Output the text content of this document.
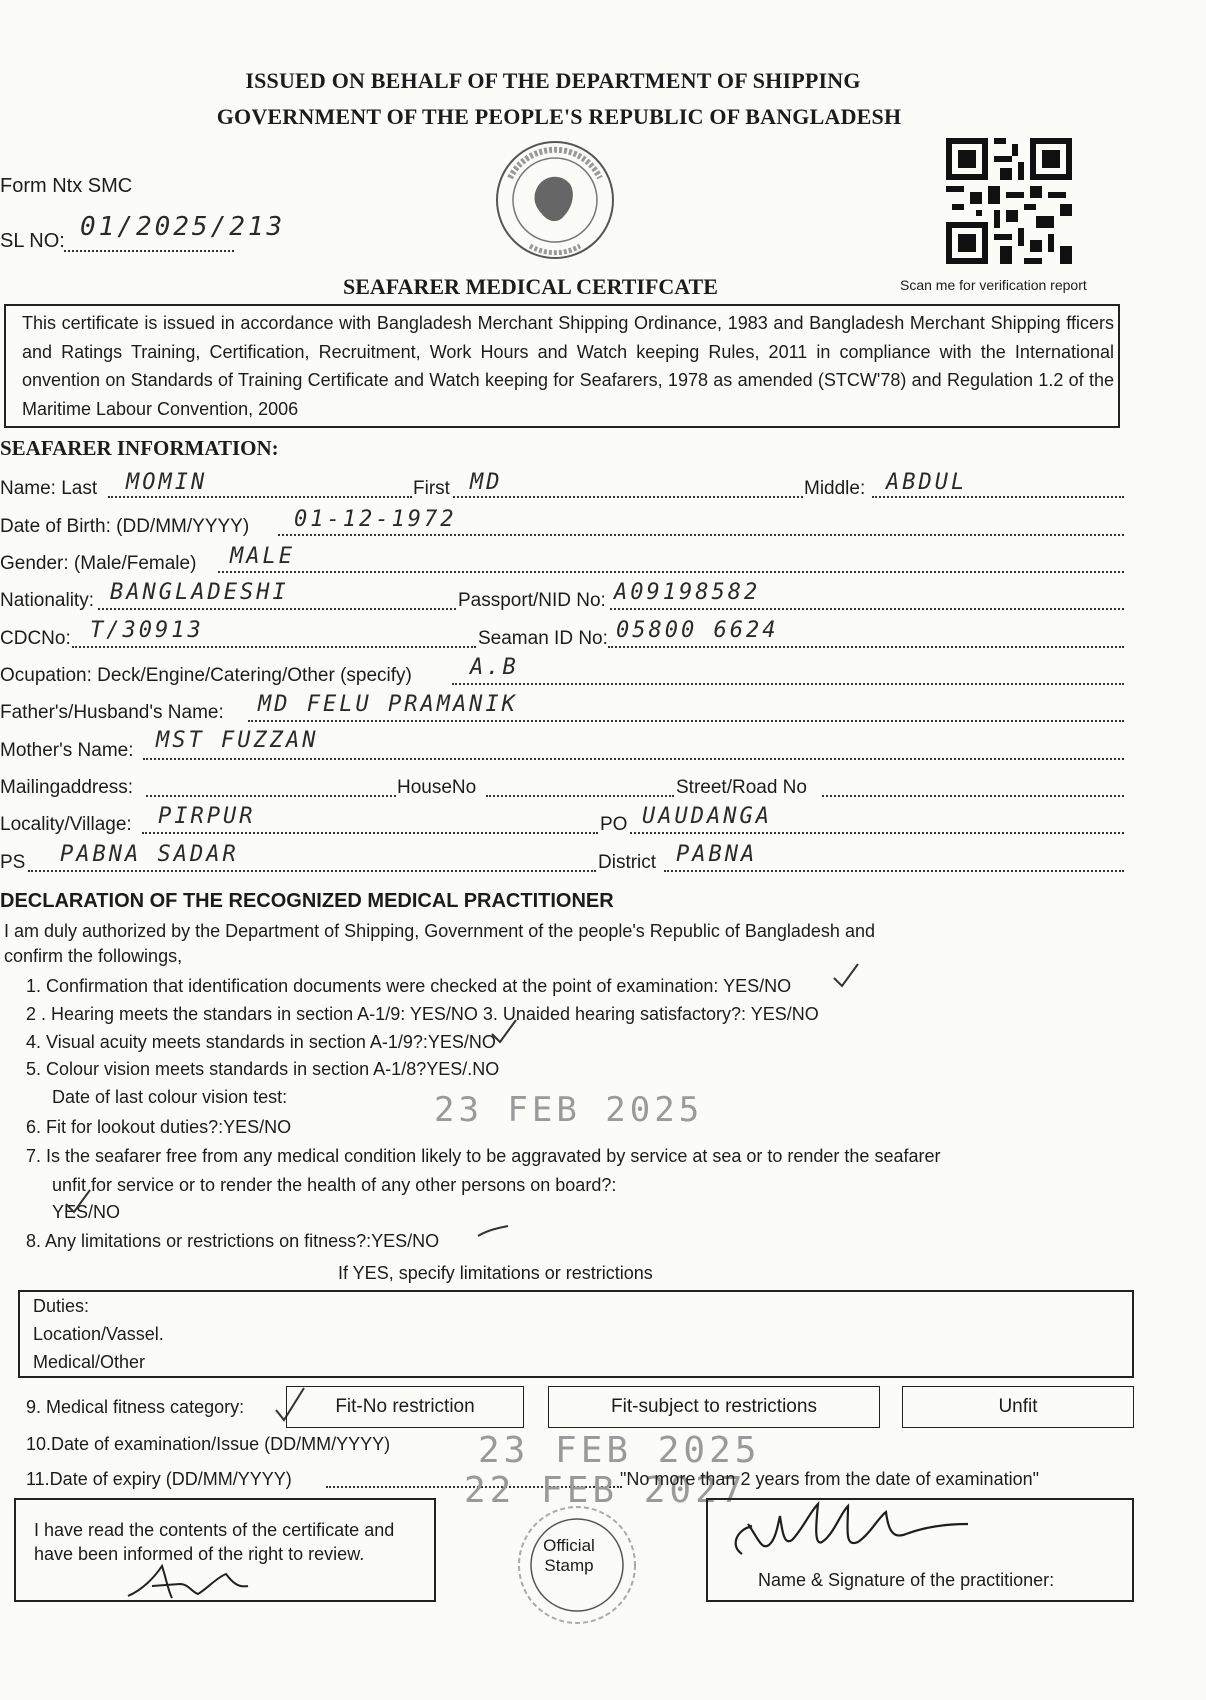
ISSUED ON BEHALF OF THE DEPARTMENT OF SHIPPING
GOVERNMENT OF THE PEOPLE'S REPUBLIC OF BANGLADESH
Form Ntx SMC
SL NO: 01/2025/213
Scan me for verification report
SEAFARER MEDICAL CERTIFCATE
This certificate is issued in accordance with Bangladesh Merchant Shipping Ordinance, 1983 and Bangladesh Merchant Shipping fficers and Ratings Training, Certification, Recruitment, Work Hours and Watch keeping Rules, 2011 in compliance with the International onvention on Standards of Training Certificate and Watch keeping for Seafarers, 1978 as amended (STCW'78) and Regulation 1.2 of the Maritime Labour Convention, 2006
SEAFARER INFORMATION:
Name: Last MOMIN	First MD	Middle: ABDUL
Date of Birth: (DD/MM/YYYY) 01-12-1972
Gender: (Male/Female) MALE
Nationality: BANGLADESHI	Passport/NID No: A09198582
CDCNo: T/30913	Seaman ID No: 05800 6624
Ocupation: Deck/Engine/Catering/Other (specify)	A.B
Father's/Husband's Name: MD FELU PRAMANIK
Mother's Name: MST FUZZAN
Mailingaddress:	HouseNo	Street/Road No
Locality/Village: PIRPUR	PO UAUDANGA
PS PABNA SADAR	District PABNA
DECLARATION OF THE RECOGNIZED MEDICAL PRACTITIONER
I am duly authorized by the Department of Shipping, Government of the people's Republic of Bangladesh and
confirm the followings,
1. Confirmation that identification documents were checked at the point of examination: YES/NO
2 . Hearing meets the standars in section A-1/9: YES/NO 3. Unaided hearing satisfactory?: YES/NO
4. Visual acuity meets standards in section A-1/9?:YES/NO
5. Colour vision meets standards in section A-1/8?YES/.NO
Date of last colour vision test:	23 FEB 2025
6. Fit for lookout duties?:YES/NO
7. Is the seafarer free from any medical condition likely to be aggravated by service at sea or to render the seafarer
unfit for service or to render the health of any other persons on board?:
YES/NO
8. Any limitations or restrictions on fitness?:YES/NO
If YES, specify limitations or restrictions
Duties:
Location/Vassel.
Medical/Other
9. Medical fitness category:	Fit-No restriction	Fit-subject to restrictions	Unfit
10.Date of examination/Issue (DD/MM/YYYY) 23 FEB 2025
11.Date of expiry (DD/MM/YYYY)	22 FEB 2027
"No more than 2 years from the date of examination"
I have read the contents of the certificate and have been informed of the right to review.	Official
Stamp
Name & Signature of the practitioner:
